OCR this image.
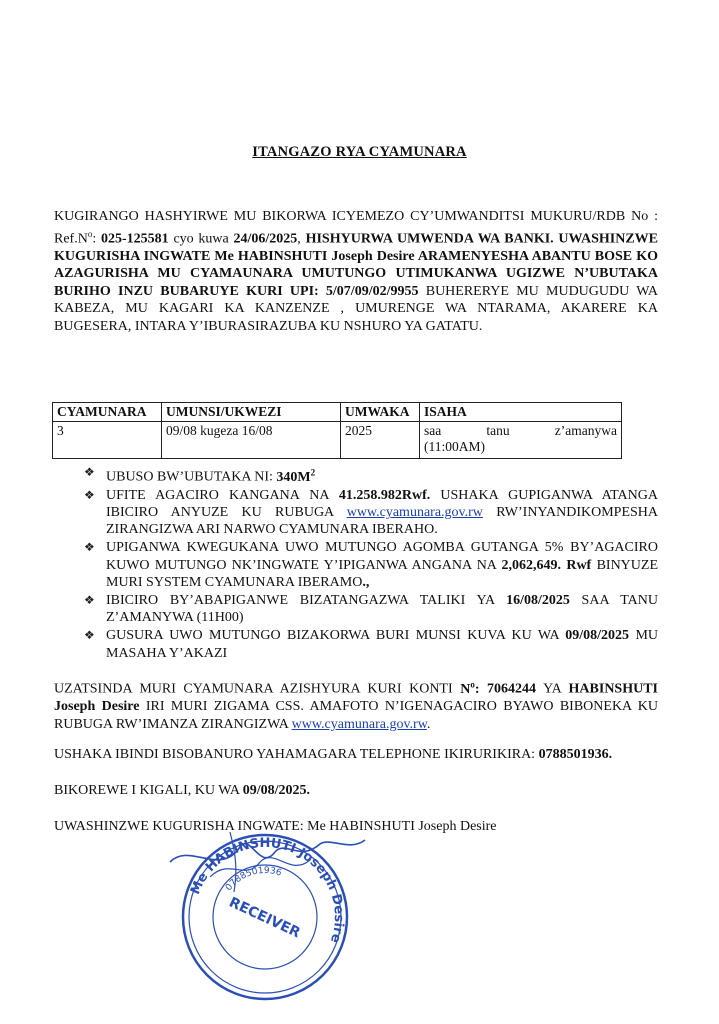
ITANGAZO RYA CYAMUNARA
KUGIRANGO HASHYIRWE MU BIKORWA ICYEMEZO CY’UMWANDITSI MUKURU/RDB No : $Ref.N^o$: 025-125581 cyo kuwa 24/06/2025, HISHYURWA UMWENDA WA BANKI. UWASHINZWE KUGURISHA INGWATE Me HABINSHUTI Joseph Desire ARAMENYESHA ABANTU BOSE KO AZAGURISHA MU CYAMAUNARA UMUTUNGO UTIMUKANWA UGIZWE N’UBUTAKA BURIHO INZU BUBARUYE KURI UPI: 5/07/09/02/9955 BUHERERYE MU MUDUGUDU WA KABEZA, MU KAGARI KA KANZENZE , UMURENGE WA NTARAMA, AKARERE KA BUGESERA, INTARA Y’IBURASIRAZUBA KU NSHURO YA GATATU.
CYAMUNARA	UMUNSI/UKWEZI	UMWAKA	ISAHA
3	09/08 kugeza 16/08	2025	saa tanu z’amanywa
(11:00AM)
❖ UBUSO BW’UBUTAKA NI: $340M^2$
❖ UFITE AGACIRO KANGANA NA 41.258.982Rwf. USHAKA GUPIGANWA ATANGA IBICIRO ANYUZE KU RUBUGA www.cyamunara.gov.rw RW’INYANDIKOMPESHA ZIRANGIZWA ARI NARWO CYAMUNARA IBERAHO.
❖ UPIGANWA KWEGUKANA UWO MUTUNGO AGOMBA GUTANGA 5% BY’AGACIRO KUWO MUTUNGO NK’INGWATE Y’IPIGANWA ANGANA NA 2,062,649. Rwf BINYUZE MURI SYSTEM CYAMUNARA IBERAMO.,
❖ IBICIRO BY’ABAPIGANWE BIZATANGAZWA TALIKI YA 16/08/2025 SAA TANU Z’AMANYWA (11H00)
❖ GUSURA UWO MUTUNGO BIZAKORWA BURI MUNSI KUVA KU WA 09/08/2025 MU MASAHA Y’AKAZI
UZATSINDA MURI CYAMUNARA AZISHYURA KURI KONTI $N^o$: 7064244 YA HABINSHUTI Joseph Desire IRI MURI ZIGAMA CSS. AMAFOTO N’IGENAGACIRO BYAWO BIBONEKA KU RUBUGA RW’IMANZA ZIRANGIZWA www.cyamunara.gov.rw.
USHAKA IBINDI BISOBANURO YAHAMAGARA TELEPHONE IKIRURIKIRA: 0788501936.
BIKOREWE I KIGALI, KU WA 09/08/2025.
UWASHINZWE KUGURISHA INGWATE: Me HABINSHUTI Joseph Desire
Me HABINSHUTI Joseph Desire
0788501936
RECEIVER
